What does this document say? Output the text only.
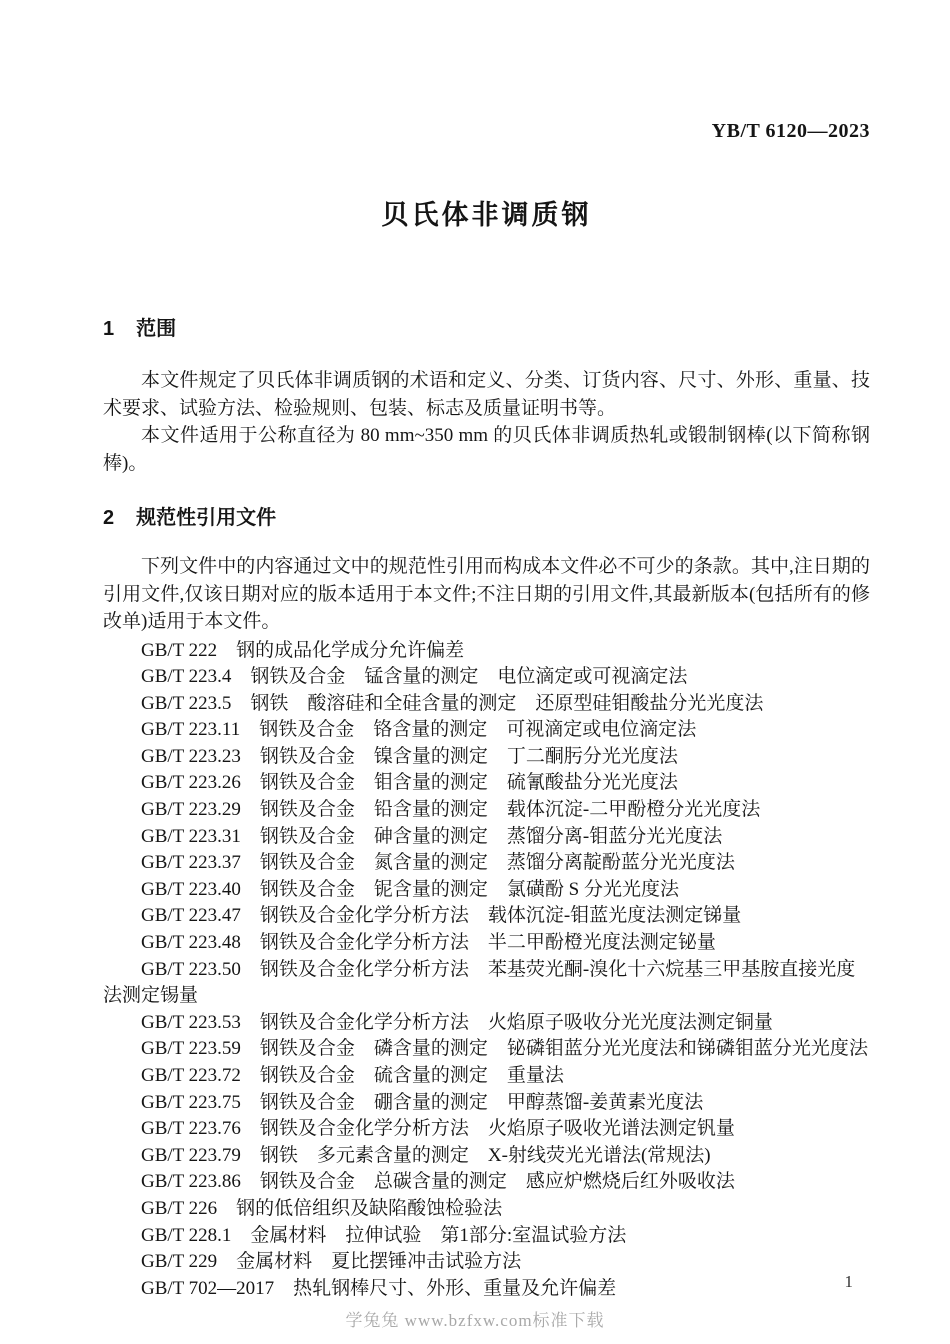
YB/T 6120—2023
贝氏体非调质钢
1 范围

本文件规定了贝氏体非调质钢的术语和定义、分类、订货内容、尺寸、外形、重量、技术要求、试验方法、检验规则、包装、标志及质量证明书等。

本文件适用于公称直径为 80 mm~350 mm 的贝氏体非调质热轧或锻制钢棒(以下简称钢棒)。

2 规范性引用文件

下列文件中的内容通过文中的规范性引用而构成本文件必不可少的条款。其中,注日期的引用文件,仅该日期对应的版本适用于本文件;不注日期的引用文件,其最新版本(包括所有的修改单)适用于本文件。

GB/T 222　钢的成品化学成分允许偏差

GB/T 223.4　钢铁及合金　锰含量的测定　电位滴定或可视滴定法

GB/T 223.5　钢铁　酸溶硅和全硅含量的测定　还原型硅钼酸盐分光光度法

GB/T 223.11　钢铁及合金　铬含量的测定　可视滴定或电位滴定法

GB/T 223.23　钢铁及合金　镍含量的测定　丁二酮肟分光光度法

GB/T 223.26　钢铁及合金　钼含量的测定　硫氰酸盐分光光度法

GB/T 223.29　钢铁及合金　铅含量的测定　载体沉淀-二甲酚橙分光光度法

GB/T 223.31　钢铁及合金　砷含量的测定　蒸馏分离-钼蓝分光光度法

GB/T 223.37　钢铁及合金　氮含量的测定　蒸馏分离靛酚蓝分光光度法

GB/T 223.40　钢铁及合金　铌含量的测定　氯磺酚 S 分光光度法

GB/T 223.47　钢铁及合金化学分析方法　载体沉淀-钼蓝光度法测定锑量

GB/T 223.48　钢铁及合金化学分析方法　半二甲酚橙光度法测定铋量

GB/T 223.50　钢铁及合金化学分析方法　苯基荧光酮-溴化十六烷基三甲基胺直接光度法测定锡量

GB/T 223.53　钢铁及合金化学分析方法　火焰原子吸收分光光度法测定铜量

GB/T 223.59　钢铁及合金　磷含量的测定　铋磷钼蓝分光光度法和锑磷钼蓝分光光度法

GB/T 223.72　钢铁及合金　硫含量的测定　重量法

GB/T 223.75　钢铁及合金　硼含量的测定　甲醇蒸馏-姜黄素光度法

GB/T 223.76　钢铁及合金化学分析方法　火焰原子吸收光谱法测定钒量

GB/T 223.79　钢铁　多元素含量的测定　X-射线荧光光谱法(常规法)

GB/T 223.86　钢铁及合金　总碳含量的测定　感应炉燃烧后红外吸收法

GB/T 226　钢的低倍组织及缺陷酸蚀检验法

GB/T 228.1　金属材料　拉伸试验　第1部分:室温试验方法

GB/T 229　金属材料　夏比摆锤冲击试验方法

GB/T 702—2017　热轧钢棒尺寸、外形、重量及允许偏差	1
学兔兔 www.bzfxw.com标准下载
